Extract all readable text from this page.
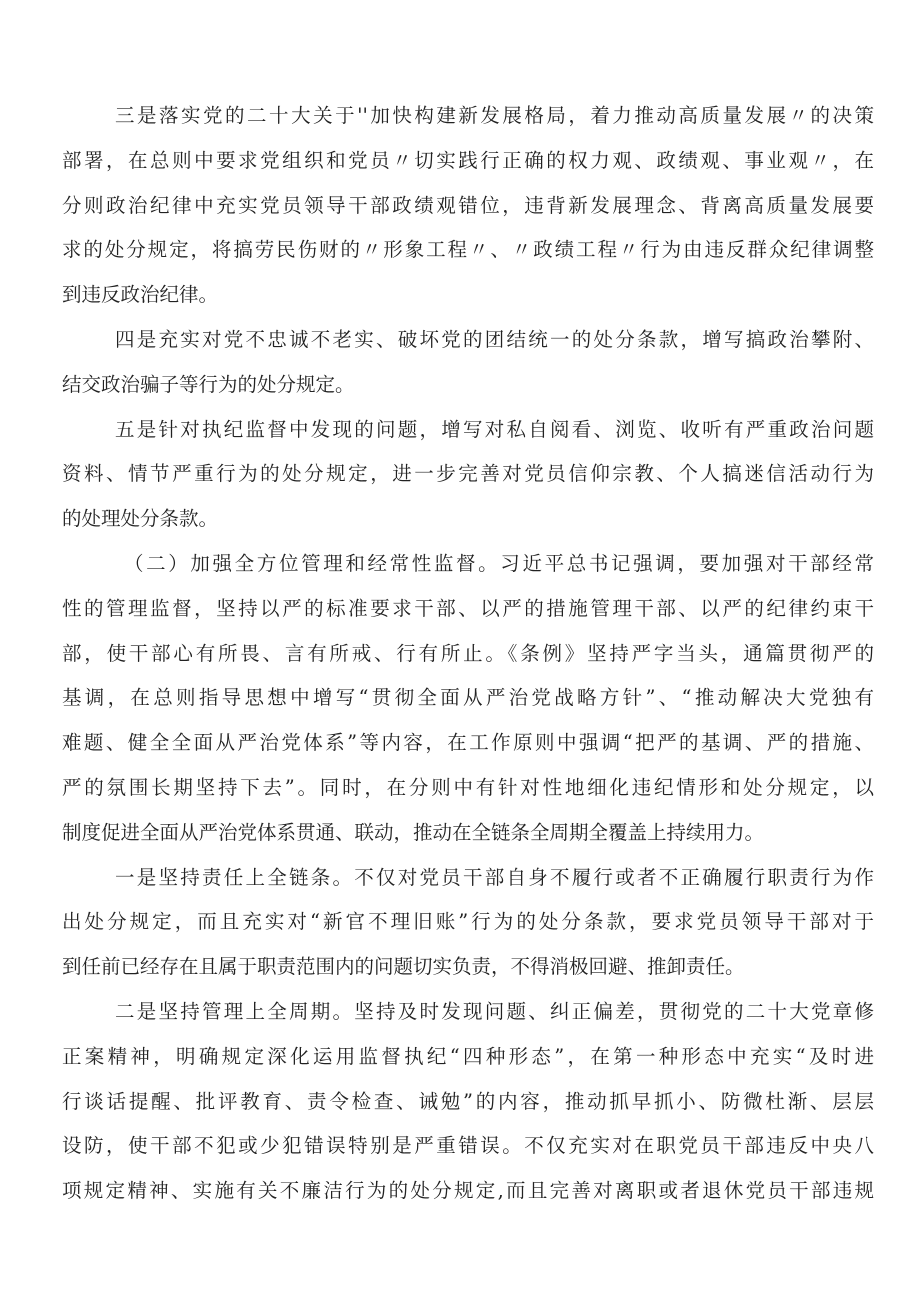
三是落实党的二十大关于''加快构建新发展格局，着力推动高质量发展〃的决策
部署，在总则中要求党组织和党员〃切实践行正确的权力观、政绩观、事业观〃，在
分则政治纪律中充实党员领导干部政绩观错位，违背新发展理念、背离高质量发展要
求的处分规定，将搞劳民伤财的〃形象工程〃、〃政绩工程〃行为由违反群众纪律调整
到违反政治纪律。
四是充实对党不忠诚不老实、破坏党的团结统一的处分条款，增写搞政治攀附、
结交政治骗子等行为的处分规定。
五是针对执纪监督中发现的问题，增写对私自阅看、浏览、收听有严重政治问题
资料、情节严重行为的处分规定，进一步完善对党员信仰宗教、个人搞迷信活动行为
的处理处分条款。
（二）加强全方位管理和经常性监督。习近平总书记强调，要加强对干部经常
性的管理监督，坚持以严的标准要求干部、以严的措施管理干部、以严的纪律约束干
部，使干部心有所畏、言有所戒、行有所止。《条例》坚持严字当头，通篇贯彻严的
基调，在总则指导思想中增写“贯彻全面从严治党战略方针”、“推动解决大党独有
难题、健全全面从严治党体系”等内容，在工作原则中强调“把严的基调、严的措施、
严的氛围长期坚持下去”。同时，在分则中有针对性地细化违纪情形和处分规定，以
制度促进全面从严治党体系贯通、联动，推动在全链条全周期全覆盖上持续用力。
一是坚持责任上全链条。不仅对党员干部自身不履行或者不正确履行职责行为作
出处分规定，而且充实对“新官不理旧账”行为的处分条款，要求党员领导干部对于
到任前已经存在且属于职责范围内的问题切实负责，不得消极回避、推卸责任。
二是坚持管理上全周期。坚持及时发现问题、纠正偏差，贯彻党的二十大党章修
正案精神，明确规定深化运用监督执纪“四种形态”，在第一种形态中充实“及时进
行谈话提醒、批评教育、责令检查、诫勉”的内容，推动抓早抓小、防微杜渐、层层
设防，使干部不犯或少犯错误特别是严重错误。不仅充实对在职党员干部违反中央八
项规定精神、实施有关不廉洁行为的处分规定,而且完善对离职或者退休党员干部违规
